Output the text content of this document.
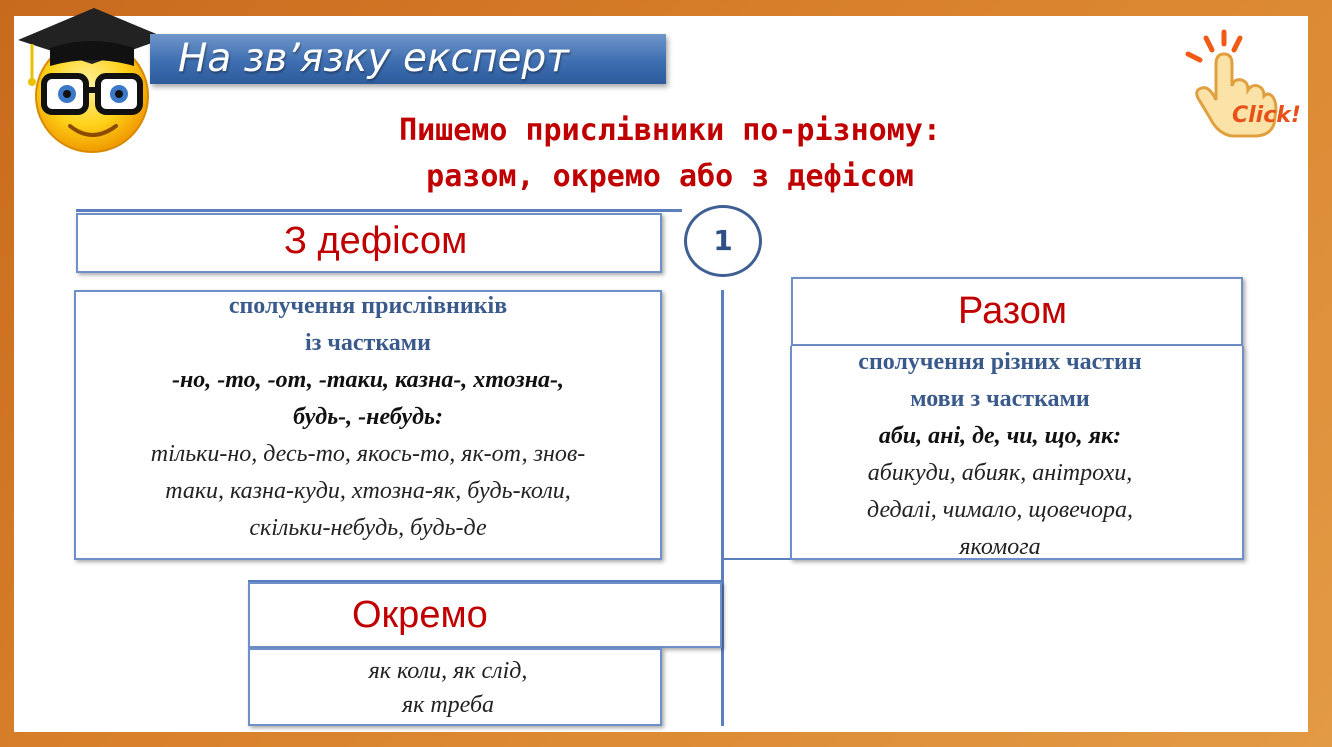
На зв’язку експерт
Click!
Пишемо прислівники по-різному:
разом, окремо або з дефісом
1
З дефісом
сполучення прислівників
із частками
-но, -то, -от, -таки, казна-, хтозна-,
будь-, -небудь:
тільки-но, десь-то, якось-то, як-от, знов-
таки, казна-куди, хтозна-як, будь-коли,
скільки-небудь, будь-де
Разом
сполучення різних частин
мови з частками
аби, ані, де, чи, що, як:
абикуди, абияк, анітрохи,
дедалі, чимало, щовечора,
якомога
Окремо
як коли, як слід,
як треба
